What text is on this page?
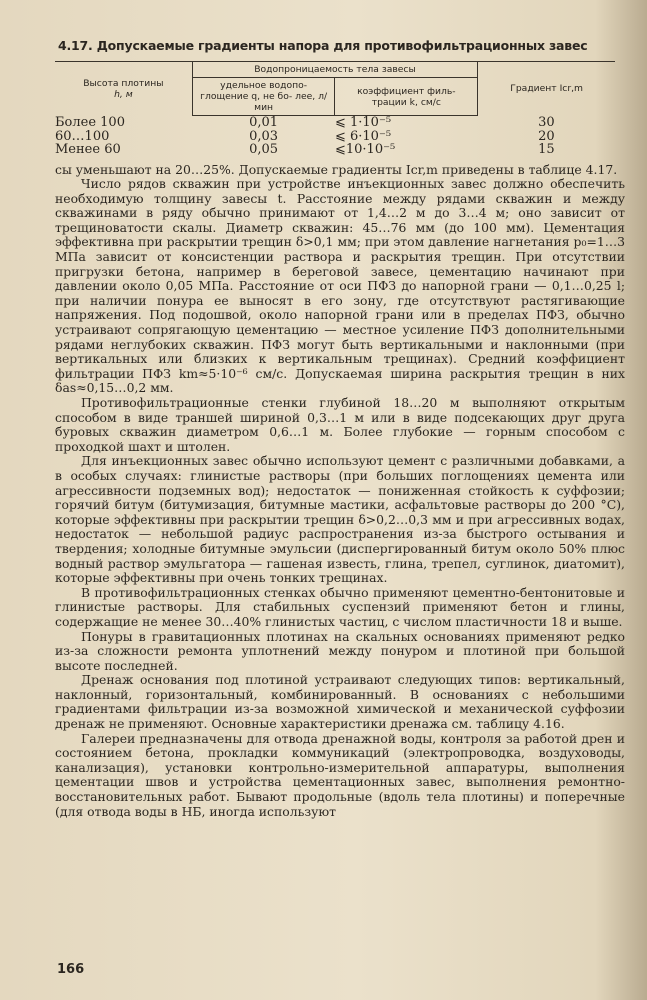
4.17. Допускаемые градиенты напора для противофильтрационных завес
Высота плотины
h, м	Водопроницаемость тела завесы		Градиент Icr,m
	удельное водопо- глощение q, не бо- лее, л/мин	коэффициент филь- трации k, см/с	
Более 100	0,01	⩽ 1·10⁻⁵	30
60…100	0,03	⩽ 6·10⁻⁵	20
Менее 60	0,05	⩽10·10⁻⁵	15

сы уменьшают на 20…25%. Допускаемые градиенты Icr,m приведены в таблице 4.17.

Число рядов скважин при устройстве инъекционных завес должно обеспечить необходимую толщину завесы t. Расстояние между рядами скважин и между скважинами в ряду обычно принимают от 1,4…2 м до 3…4 м; оно зависит от трещиноватости скалы. Диаметр скважин: 45…76 мм (до 100 мм). Цементация эффективна при раскрытии трещин δ>0,1 мм; при этом давление нагнетания p₀=1…3 МПа зависит от консистенции раствора и раскрытия трещин. При отсутствии пригрузки бетона, например в береговой завесе, цементацию начинают при давлении около 0,05 МПа. Расстояние от оси ПФЗ до напорной грани — 0,1…0,25 l; при наличии понура ее выносят в его зону, где отсутствуют растягивающие напряжения. Под подошвой, около напорной грани или в пределах ПФЗ, обычно устраивают сопрягающую цементацию — местное усиление ПФЗ дополнительными рядами неглубоких скважин. ПФЗ могут быть вертикальными и наклонными (при вертикальных или близких к вертикальным трещинах). Средний коэффициент фильтрации ПФЗ km≈5·10⁻⁶ см/с. Допускаемая ширина раскрытия трещин в них δas≈0,15…0,2 мм.

Противофильтрационные стенки глубиной 18…20 м выполняют открытым способом в виде траншей шириной 0,3…1 м или в виде подсекающих друг друга буровых скважин диаметром 0,6…1 м. Более глубокие — горным способом с проходкой шахт и штолен.

Для инъекционных завес обычно используют цемент с различными добавками, а в особых случаях: глинистые растворы (при больших поглощениях цемента или агрессивности подземных вод); недостаток — пониженная стойкость к суффозии; горячий битум (битумизация, битумные мастики, асфальтовые растворы до 200 °С), которые эффективны при раскрытии трещин δ>0,2…0,3 мм и при агрессивных водах, недостаток — небольшой радиус распространения из-за быстрого остывания и твердения; холодные битумные эмульсии (диспергированный битум около 50% плюс водный раствор эмульгатора — гашеная известь, глина, трепел, суглинок, диатомит), которые эффективны при очень тонких трещинах.

В противофильтрационных стенках обычно применяют цементно-бентонитовые и глинистые растворы. Для стабильных суспензий применяют бетон и глины, содержащие не менее 30…40% глинистых частиц, с числом пластичности 18 и выше.

Понуры в гравитационных плотинах на скальных основаниях применяют редко из-за сложности ремонта уплотнений между понуром и плотиной при большой высоте последней.

Дренаж основания под плотиной устраивают следующих типов: вертикальный, наклонный, горизонтальный, комбинированный. В основаниях с небольшими градиентами фильтрации из-за возможной химической и механической суффозии дренаж не применяют. Основные характеристики дренажа см. таблицу 4.16.

Галереи предназначены для отвода дренажной воды, контроля за работой дрен и состоянием бетона, прокладки коммуникаций (электропроводка, воздуховоды, канализация), установки контрольно-измерительной аппаратуры, выполнения цементации швов и устройства цементационных завес, выполнения ремонтно-восстановительных работ. Бывают продольные (вдоль тела плотины) и поперечные (для отвода воды в НБ, иногда используют

166
